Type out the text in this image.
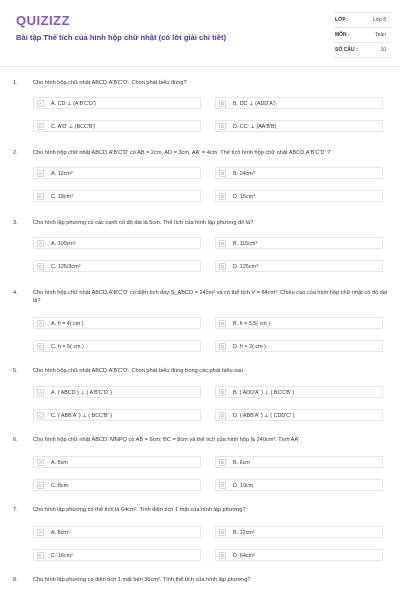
QUIZIZZ
Bài tập Thể tích của hình hộp chữ nhật (có lời giải chi tiết)
LỚP :	Lớp 8
MÔN :	Toán
SỐ CÂU :	10
1.	Cho hình hộp chữ nhật ABCD.A'B'C'D'. Chọn phát biểu đúng?
A	A. CD ⊥ (A'B'C'D')	B	B. DC ⊥ (ADD'A')
C	C. A'D' ⊥ (BCC'B')	D	D. CC' ⊥ (AA'B'B)
2.	Cho hình hộp chữ nhật ABCD.A'B'C'D' có AB = 2cm, AD = 3cm, AA' = 4cm. Thể tích hình hộp chữ nhật ABCD.A'B'C'D' ?
A	A. 12cm³	B	B. 24cm³
C	C. 18cm³	D	D. 15cm³
3.	Cho hình lập phương có các cạnh có độ dài là 5cm. Thể tích của hình lập phương đó là?
A	A. 100cm³	B	B. 115cm³
C	C. 125/3cm³	D	D. 125cm³
4.	Cho hình hộp chữ nhật ABCD.A'B'C'D' có diện tích đáy S_ABCD = 24cm² và có thể tích V = 84cm³. Chiều cao của hình hộp chữ nhật có độ dài là?
A	A. h = 4( cm )	B	B. h = 3,5( cm )
C	C. h = 5( cm )	D	D. h = 2( cm )
5.	Cho hình hộp chữ nhật ABCD.A'B'C'D'. Chọn phát biểu đúng trong các phát biểu sau
A	A. ( ABCD ) ⊥ ( A'B'C'D' )	B	B. ( ADD'A' ) ⊥ ( BCC'B' )
C	C. ( ABB'A' ) ⊥ ( BCC'B' )	D	D. ( ABB'A' ) ⊥ ( CDD'C' )
6.	Cho hình hộp chữ nhật ABCD. MNPQ có AB = 6cm; BC = 8cm và thể tích của hình hộp là 240cm³. Tính AA'
A	A. 5cm	B	B. 6cm
C	C. 8cm	D	D. 10cm
7.	Cho hình lập phương có thể tích là 64cm³. Tính diện tích 1 mặt của hình lập phương?
A	A. 8cm²	B	B. 12cm²
C	C. 16cm²	D	D. 64cm²
8.	Cho hình lập phương có diện tích 1 mặt bên 36cm². Tính thể tích của hình lập phương?
